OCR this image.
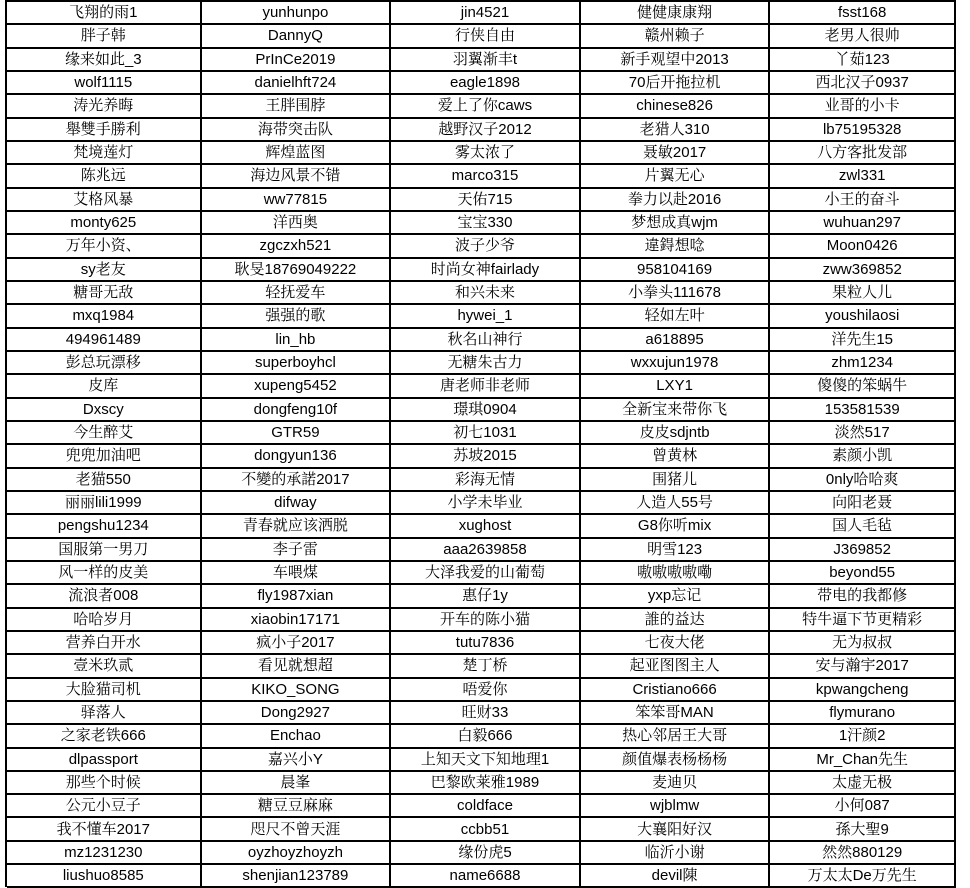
飞翔的雨1	yunhunpo	jin4521	健健康康翔	fsst168
胖子韩	DannyQ	行侠自由	赣州赖子	老男人很帅
缘来如此_3	PrInCe2019	羽翼渐丰t	新手观望中2013	丫茹123
wolf1115	danielhft724	eagle1898	70后开拖拉机	西北汉子0937
涛光养晦	王胖围脖	爱上了你caws	chinese826	业哥的小卡
舉雙手勝利	海带突击队	越野汉子2012	老猎人310	lb75195328
梵境莲灯	辉煌蓝图	雾太浓了	聂敏2017	八方客批发部
陈兆远	海边风景不错	marco315	片翼无心	zwl331
艾格风暴	ww77815	天佑715	拳力以赴2016	小王的奋斗
monty625	洋西奥	宝宝330	梦想成真wjm	wuhuan297
万年小资、	zgczxh521	波子少爷	違鍀想唸	Moon0426
sy老友	耿旻18769049222	时尚女神fairlady	958104169	zww369852
糖哥无敌	轻抚爱车	和兴未来	小拳头111678	果粒人儿
mxq1984	强强的歌	hywei_1	轻如左叶	youshilaosi
494961489	lin_hb	秋名山神行	a618895	洋先生15
彭总玩漂移	superboyhcl	无糖朱古力	wxxujun1978	zhm1234
皮库	xupeng5452	唐老师非老师	LXY1	傻傻的笨蜗牛
Dxscy	dongfeng10f	璟琪0904	全新宝来带你飞	153581539
今生醉艾	GTR59	初七1031	皮皮sdjntb	淡然517
兜兜加油吧	dongyun136	苏坡2015	曾黄林	素颜小凯
老猫550	不變的承諾2017	彩海无情	围猪儿	0nly哈哈爽
丽丽lili1999	difway	小学未毕业	人造人55号	向阳老聂
pengshu1234	青春就应该洒脱	xughost	G8你听mix	国人毛毡
国服第一男刀	李子雷	aaa2639858	明雪123	J369852
风一样的皮美	车喂煤	大泽我爱的山葡萄	嗷嗷嗷嗷嘞	beyond55
流浪者008	fly1987xian	惠仔1y	yxp忘记	带电的我都修
哈哈岁月	xiaobin17171	开车的陈小猫	誰的益达	特牛逼下节更精彩
营养白开水	疯小子2017	tutu7836	七夜大佬	无为叔叔
壹米玖贰	看见就想超	楚丁桥	起亚图图主人	安与瀚宇2017
大脸猫司机	KIKO_SONG	唔爱你	Cristiano666	kpwangcheng
驿落人	Dong2927	旺财33	笨笨哥MAN	flymurano
之家老铁666	Enchao	白毅666	热心邻居王大哥	1汗颜2
dlpassport	嘉兴小Y	上知天文下知地理1	颜值爆表杨杨杨	Mr_Chan先生
那些个时候	晨峯	巴黎欧莱雅1989	麦迪贝	太虚无极
公元小豆子	糖豆豆麻麻	coldface	wjblmw	小何087
我不懂车2017	咫尺不曾天涯	ccbb51	大襄阳好汉	孫大聖9
mz1231230	oyzhoyzhoyzh	缘份虎5	临沂小谢	然然880129
liushuo8585	shenjian123789	name6688	devil陳	万太太De万先生
